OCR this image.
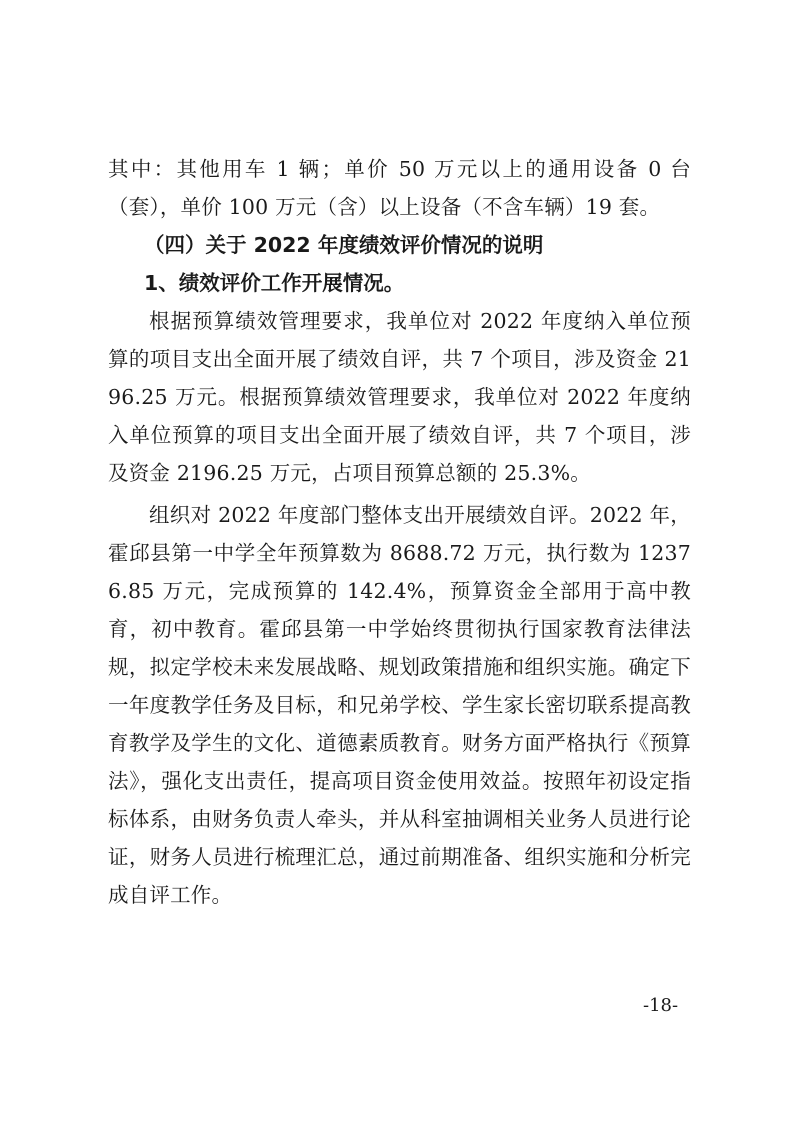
其中：其他用车 1 辆；单价 50 万元以上的通用设备 0 台（套），单价 100 万元（含）以上设备（不含车辆）19 套。

（四）关于 2022 年度绩效评价情况的说明

1、绩效评价工作开展情况。

根据预算绩效管理要求，我单位对 2022 年度纳入单位预算的项目支出全面开展了绩效自评，共 7 个项目，涉及资金 2196.25 万元。根据预算绩效管理要求，我单位对 2022 年度纳入单位预算的项目支出全面开展了绩效自评，共 7 个项目，涉及资金 2196.25 万元，占项目预算总额的 25.3%。

组织对 2022 年度部门整体支出开展绩效自评。2022 年，霍邱县第一中学全年预算数为 8688.72 万元，执行数为 12376.85 万元，完成预算的 142.4%，预算资金全部用于高中教育，初中教育。霍邱县第一中学始终贯彻执行国家教育法律法规，拟定学校未来发展战略、规划政策措施和组织实施。确定下一年度教学任务及目标，和兄弟学校、学生家长密切联系提高教育教学及学生的文化、道德素质教育。财务方面严格执行《预算法》，强化支出责任，提高项目资金使用效益。按照年初设定指标体系，由财务负责人牵头，并从科室抽调相关业务人员进行论证，财务人员进行梳理汇总，通过前期准备、组织实施和分析完成自评工作。

-18-
